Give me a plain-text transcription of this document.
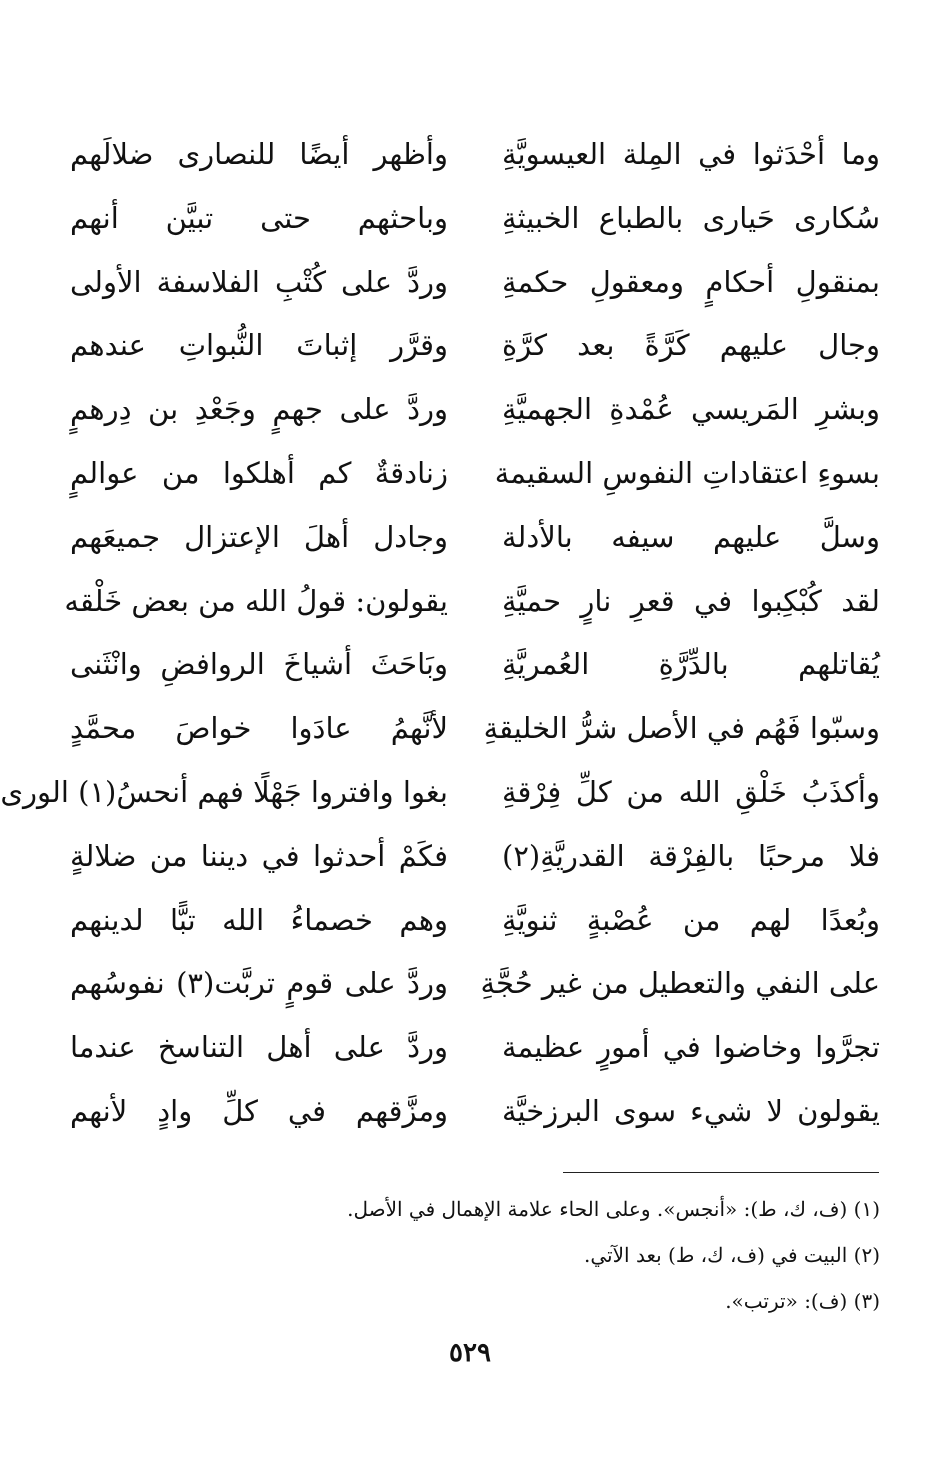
وأظهر أيضًا للنصارى ضلالَهم وما أحْدَثوا في المِلة العيسويَّةِ
وباحثهم حتى تبيَّن أنهم سُكارى حَيارى بالطباع الخبيثةِ
وردَّ على كُتْبِ الفلاسفة الأولى بمنقولِ أحكامٍ ومعقولِ حكمةِ
وقرَّر إثباتَ النُّبواتِ عندهم وجال عليهم كَرَّةً بعد كرَّةِ
وردَّ على جهمٍ وجَعْدِ بن دِرهمٍ وبشرِ المَريسي عُمْدةِ الجهميَّةِ
زنادقةٌ كم أهلكوا من عوالمٍ بسوءِ اعتقاداتِ النفوسِ السقيمة
وجادل أهلَ الإعتزال جميعَهم وسلَّ عليهم سيفه بالأدلة
يقولون: قولُ الله من بعض خَلْقه لقد كُبْكِبوا في قعرِ نارٍ حميَّةِ
وبَاحَثَ أشياخَ الروافضِ وانْثَنى يُقاتلهم بالدِّرَّةِ العُمريَّةِ
لأنَّهمُ عادَوا خواصَ محمَّدٍ وسبّوا فَهُم في الأصل شرُّ الخليقةِ
بغوا وافتروا جَهْلًا فهم أنحسُ(١) الورى وأكذَبُ خَلْقِ الله من كلِّ فِرْقةِ
فكَمْ أحدثوا في ديننا من ضلالةٍ فلا مرحبًا بالفِرْقة القدريَّةِ(٢)
وهم خصماءُ الله تبًّا لدينهم وبُعدًا لهم من عُصْبةٍ ثنويَّةِ
وردَّ على قومٍ تربَّت(٣) نفوسُهم على النفي والتعطيل من غير حُجَّةِ
وردَّ على أهل التناسخ عندما تجرَّوا وخاضوا في أمورٍ عظيمة
ومزَّقهم في كلِّ وادٍ لأنهم يقولون لا شيء سوى البرزخيَّة
(١) (ف، ك، ط): «أنجس». وعلى الحاء علامة الإهمال في الأصل.
(٢) البيت في (ف، ك، ط) بعد الآتي.
(٣) (ف): «ترتب».
٥٢٩
